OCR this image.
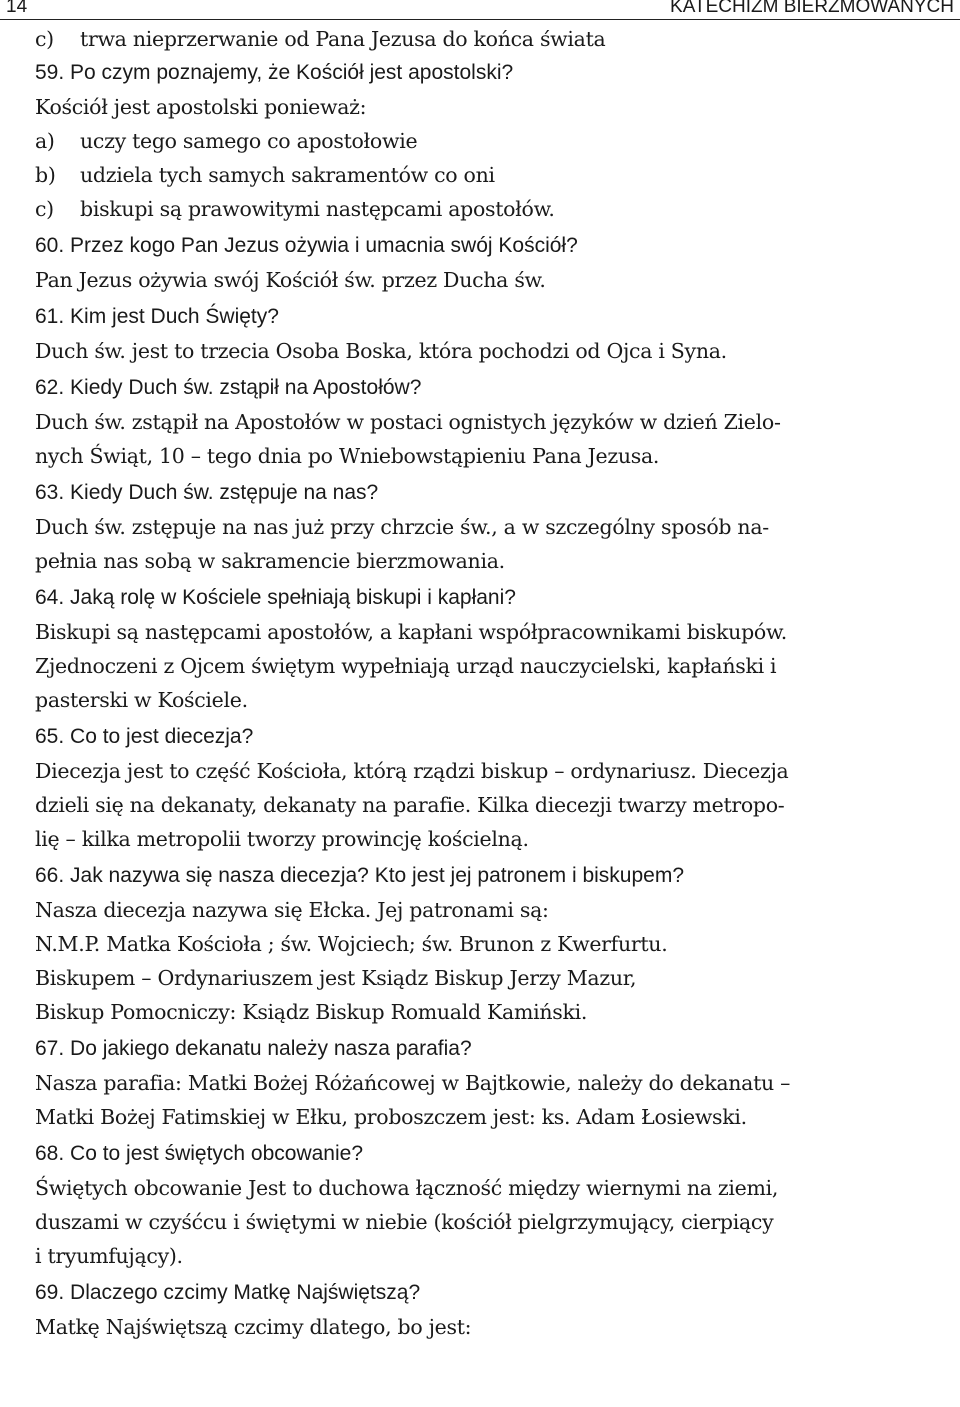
14	KATECHIZM BIERZMOWANYCH
c) trwa nieprzerwanie od Pana Jezusa do końca świata
59. Po czym poznajemy, że Kościół jest apostolski?
Kościół jest apostolski ponieważ:
a) uczy tego samego co apostołowie
b) udziela tych samych sakramentów co oni
c) biskupi są prawowitymi następcami apostołów.
60. Przez kogo Pan Jezus ożywia i umacnia swój Kościół?
Pan Jezus ożywia swój Kościół św. przez Ducha św.
61. Kim jest Duch Święty?
Duch św. jest to trzecia Osoba Boska, która pochodzi od Ojca i Syna.
62. Kiedy Duch św. zstąpił na Apostołów?
Duch św. zstąpił na Apostołów w postaci ognistych języków w dzień Zielo-
nych Świąt, 10 – tego dnia po Wniebowstąpieniu Pana Jezusa.
63. Kiedy Duch św. zstępuje na nas?
Duch św. zstępuje na nas już przy chrzcie św., a w szczególny sposób na-
pełnia nas sobą w sakramencie bierzmowania.
64. Jaką rolę w Kościele spełniają biskupi i kapłani?
Biskupi są następcami apostołów, a kapłani współpracownikami biskupów.
Zjednoczeni z Ojcem świętym wypełniają urząd nauczycielski, kapłański i
pasterski w Kościele.
65. Co to jest diecezja?
Diecezja jest to część Kościoła, którą rządzi biskup – ordynariusz. Diecezja
dzieli się na dekanaty, dekanaty na parafie. Kilka diecezji twarzy metropo-
lię – kilka metropolii tworzy prowincję kościelną.
66. Jak nazywa się nasza diecezja? Kto jest jej patronem i biskupem?
Nasza diecezja nazywa się Ełcka. Jej patronami są:
N.M.P. Matka Kościoła ; św. Wojciech; św. Brunon z Kwerfurtu.
Biskupem – Ordynariuszem jest Ksiądz Biskup Jerzy Mazur,
Biskup Pomocniczy: Ksiądz Biskup Romuald Kamiński.
67. Do jakiego dekanatu należy nasza parafia?
Nasza parafia: Matki Bożej Różańcowej w Bajtkowie, należy do dekanatu –
Matki Bożej Fatimskiej w Ełku, proboszczem jest: ks. Adam Łosiewski.
68. Co to jest świętych obcowanie?
Świętych obcowanie Jest to duchowa łączność między wiernymi na ziemi,
duszami w czyśćcu i świętymi w niebie (kościół pielgrzymujący, cierpiący
i tryumfujący).
69. Dlaczego czcimy Matkę Najświętszą?
Matkę Najświętszą czcimy dlatego, bo jest:
